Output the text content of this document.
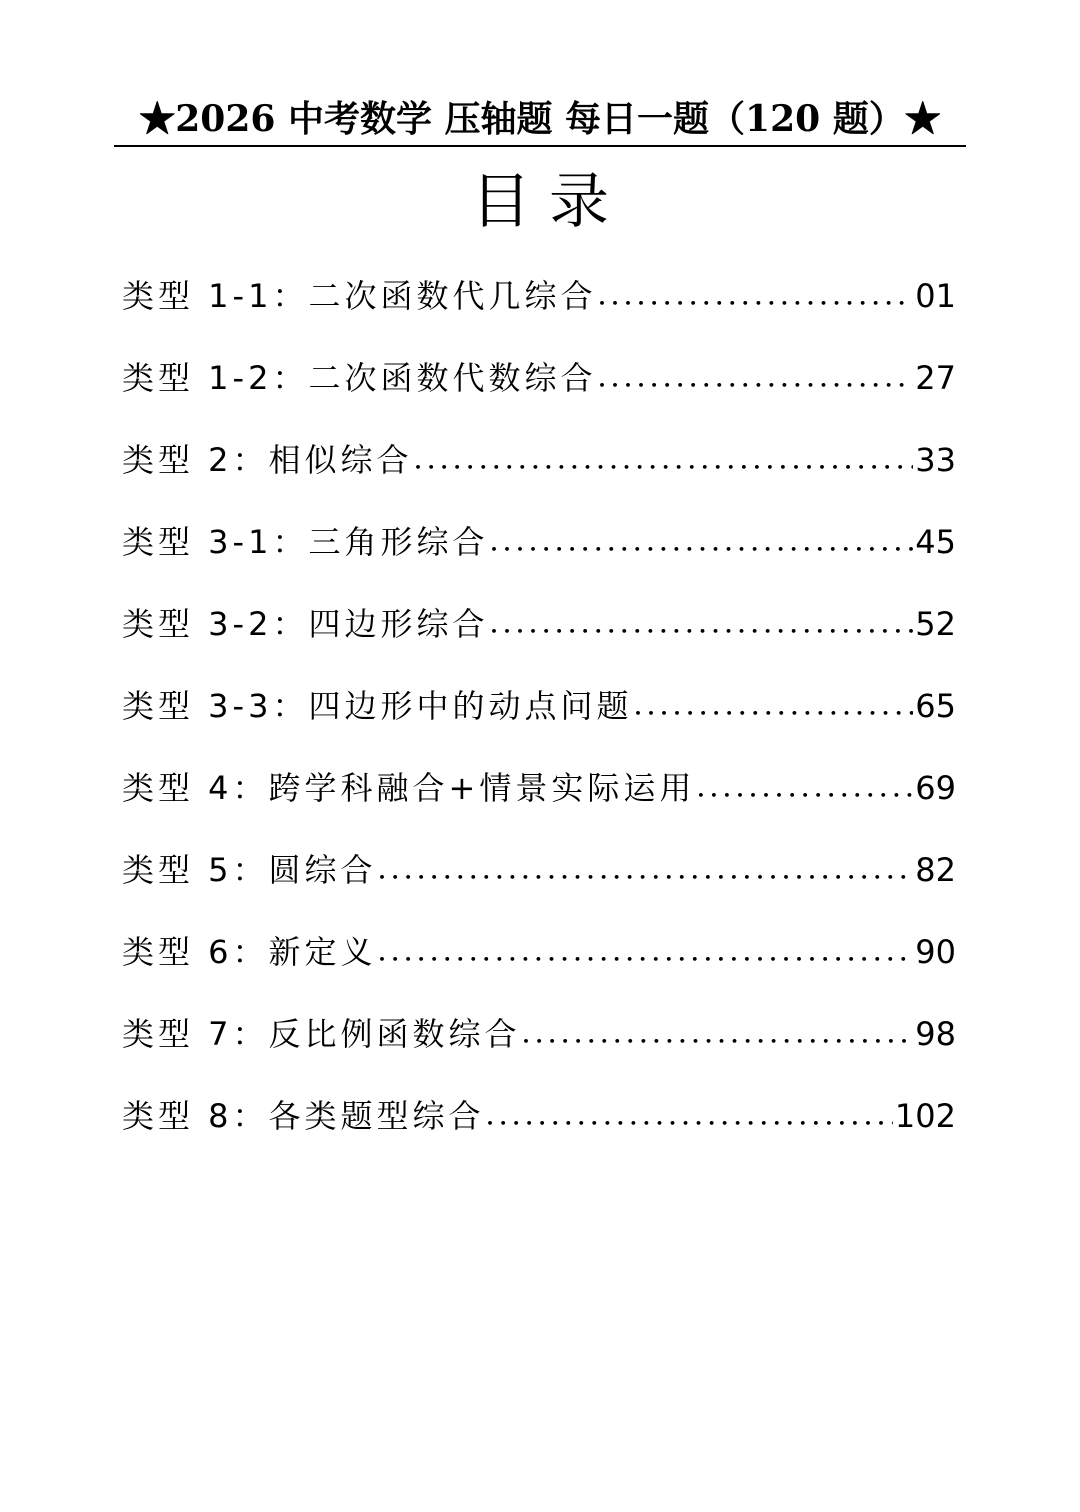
★2026 中考数学 压轴题 每日一题（120 题）★
目录
类型 1-1：二次函数代几综合 •••••	01
类型 1-2：二次函数代数综合 •••••	27
类型 2：相似综合 •••••	33
类型 3-1：三角形综合 •••••	45
类型 3-2：四边形综合 •••••	52
类型 3-3：四边形中的动点问题 •••••	65
类型 4：跨学科融合+情景实际运用 •••••	69
类型 5：圆综合 •••••	82
类型 6：新定义 •••••	90
类型 7：反比例函数综合 •••••	98
类型 8：各类题型综合 •••••	102
